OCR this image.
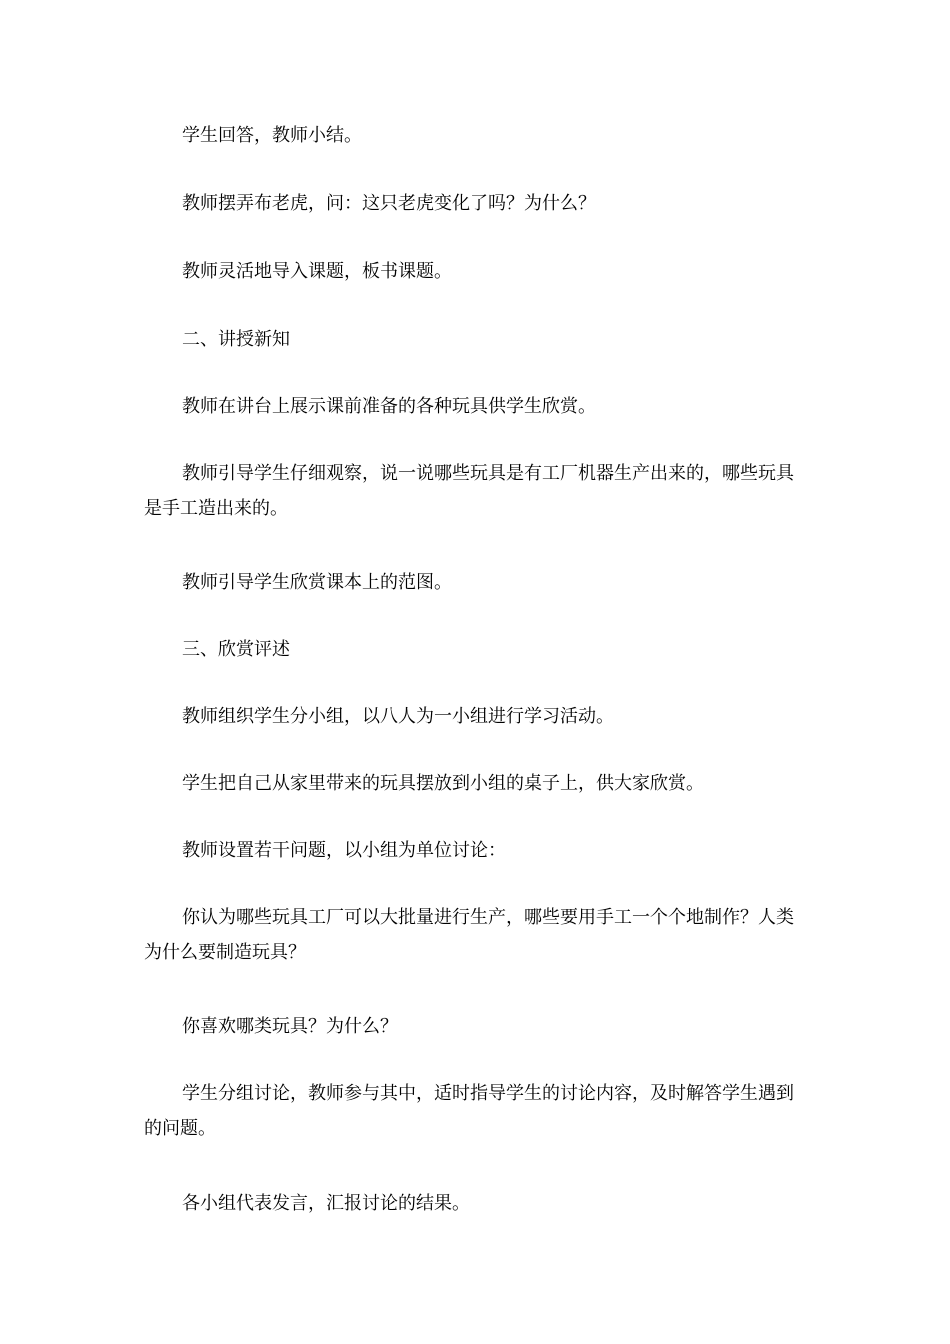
学生回答，教师小结。

教师摆弄布老虎，问：这只老虎变化了吗？为什么？

教师灵活地导入课题，板书课题。

二、讲授新知

教师在讲台上展示课前准备的各种玩具供学生欣赏。

教师引导学生仔细观察，说一说哪些玩具是有工厂机器生产出来的，哪些玩具是手工造出来的。

教师引导学生欣赏课本上的范图。

三、欣赏评述

教师组织学生分小组，以八人为一小组进行学习活动。

学生把自己从家里带来的玩具摆放到小组的桌子上，供大家欣赏。

教师设置若干问题，以小组为单位讨论：

你认为哪些玩具工厂可以大批量进行生产，哪些要用手工一个个地制作？人类为什么要制造玩具？

你喜欢哪类玩具？为什么？

学生分组讨论，教师参与其中，适时指导学生的讨论内容，及时解答学生遇到的问题。

各小组代表发言，汇报讨论的结果。
